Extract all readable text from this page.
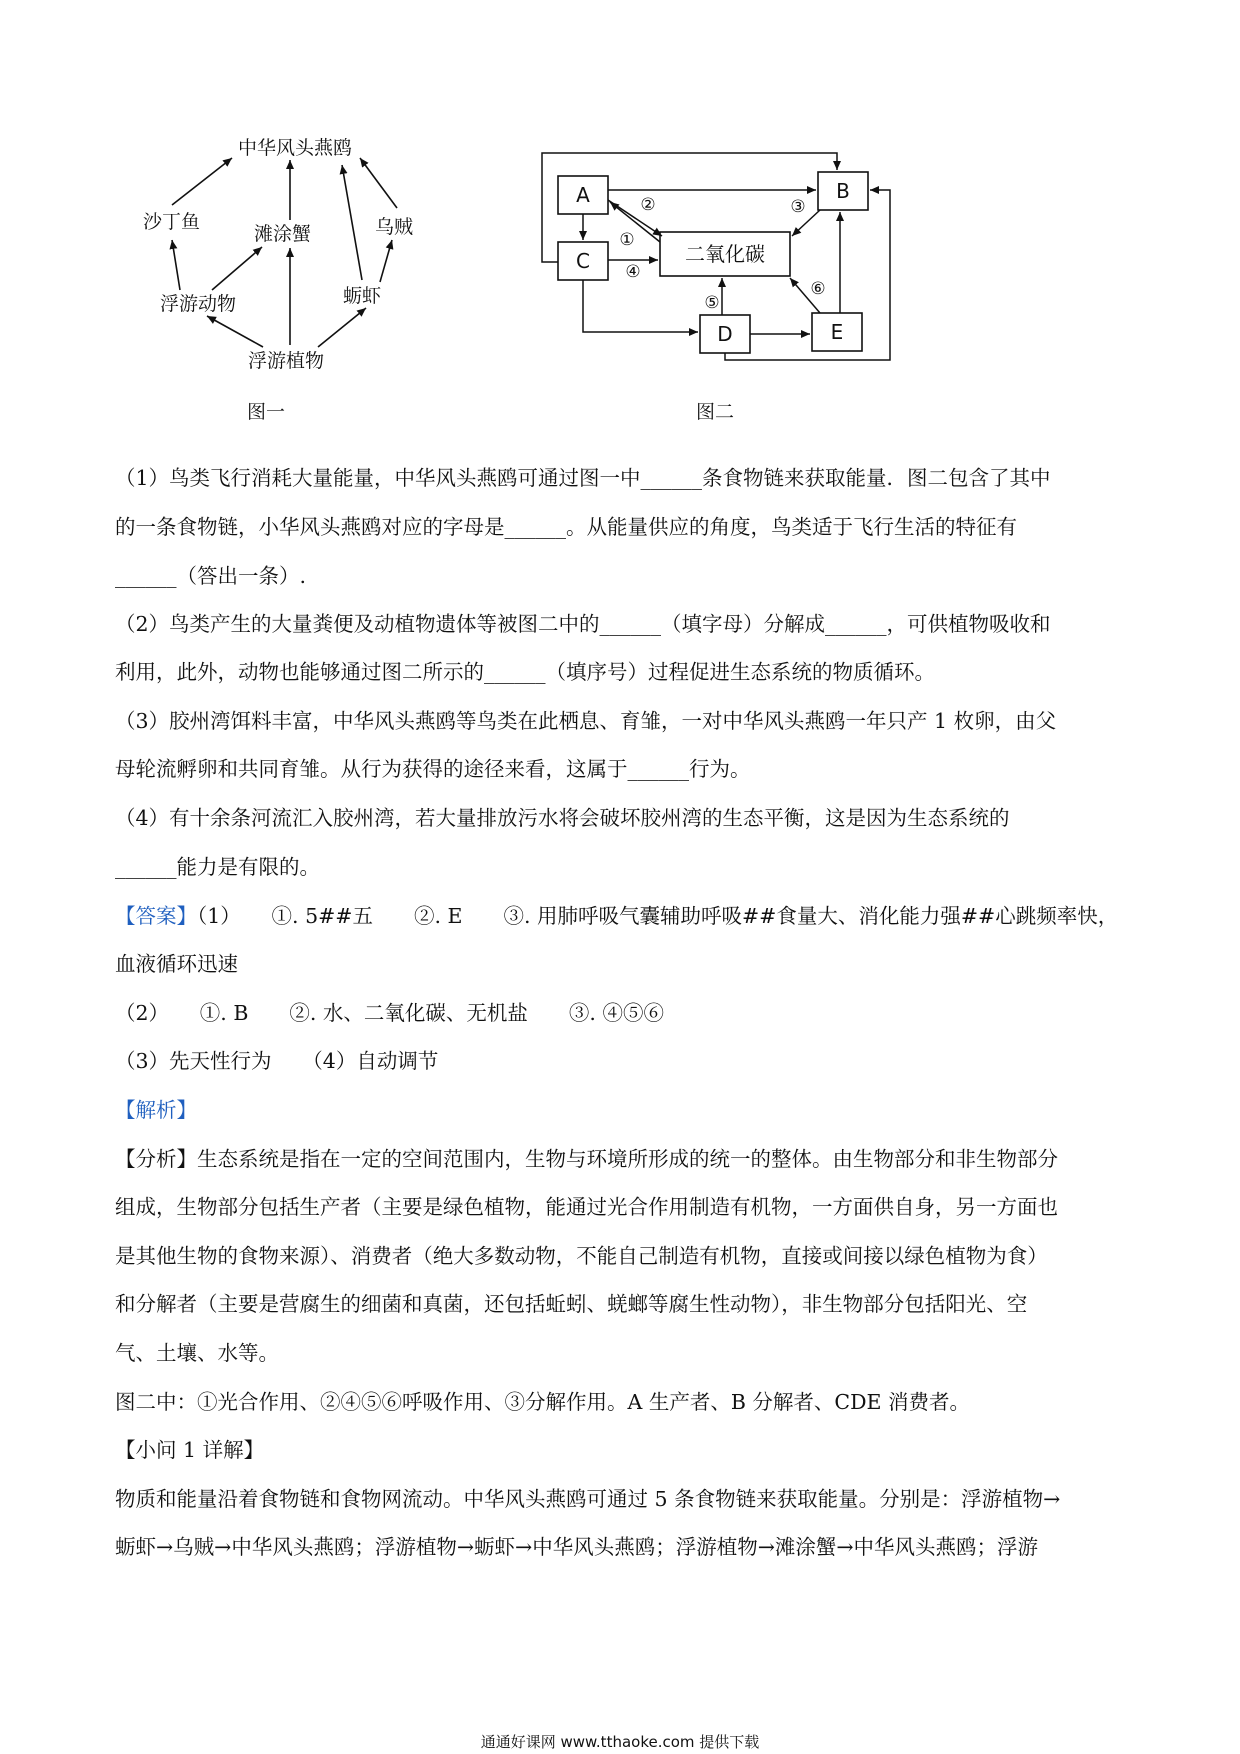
中华风头燕鸥
沙丁鱼
滩涂蟹	乌贼
浮游动物	蛎虾
浮游植物
图一
A	B
C	二氧化碳
D	E
①
②	③
④
⑤
⑥
图二
（1）鸟类飞行消耗大量能量，中华风头燕鸥可通过图一中______条食物链来获取能量．图二包含了其中
的一条食物链，小华风头燕鸥对应的字母是______。从能量供应的角度，鸟类适于飞行生活的特征有
______（答出一条）.
（2）鸟类产生的大量粪便及动植物遗体等被图二中的______（填字母）分解成______，可供植物吸收和
利用，此外，动物也能够通过图二所示的______（填序号）过程促进生态系统的物质循环。
（3）胶州湾饵料丰富，中华风头燕鸥等鸟类在此栖息、育雏，一对中华风头燕鸥一年只产 1 枚卵，由父
母轮流孵卵和共同育雏。从行为获得的途径来看，这属于______行为。
（4）有十余条河流汇入胶州湾，若大量排放污水将会破坏胶州湾的生态平衡，这是因为生态系统的
______能力是有限的。
【答案】（1）　　①. 5##五　　②. E　　③. 用肺呼吸气囊辅助呼吸##食量大、消化能力强##心跳频率快，
血液循环迅速
（2）　　①. B　　②. 水、二氧化碳、无机盐　　③. ④⑤⑥
（3）先天性行为　　（4）自动调节
【解析】
【分析】生态系统是指在一定的空间范围内，生物与环境所形成的统一的整体。由生物部分和非生物部分
组成，生物部分包括生产者（主要是绿色植物，能通过光合作用制造有机物，一方面供自身，另一方面也
是其他生物的食物来源）、消费者（绝大多数动物，不能自己制造有机物，直接或间接以绿色植物为食）
和分解者（主要是营腐生的细菌和真菌，还包括蚯蚓、蜣螂等腐生性动物），非生物部分包括阳光、空
气、土壤、水等。
图二中：①光合作用、②④⑤⑥呼吸作用、③分解作用。A 生产者、B 分解者、CDE 消费者。
【小问 1 详解】
物质和能量沿着食物链和食物网流动。中华风头燕鸥可通过 5 条食物链来获取能量。分别是：浮游植物→
蛎虾→乌贼→中华风头燕鸥；浮游植物→蛎虾→中华风头燕鸥；浮游植物→滩涂蟹→中华风头燕鸥；浮游
通通好课网 www.tthaoke.com 提供下载
